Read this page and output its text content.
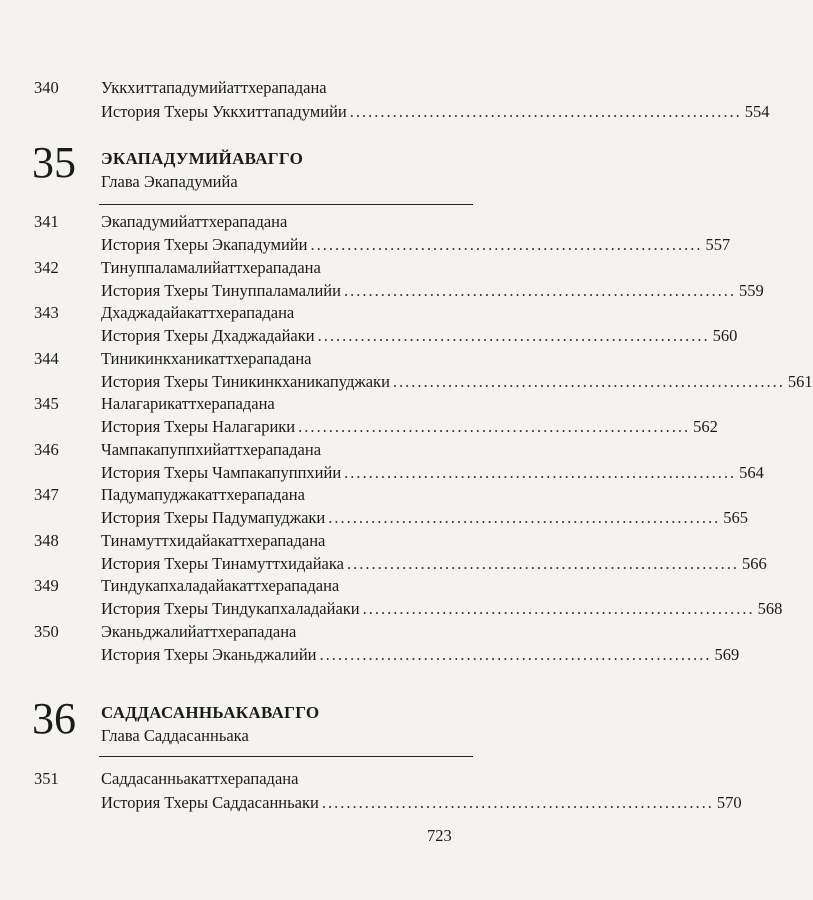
340	Уккхиттападумийаттхерападана
История Тхеры Уккхиттападумийи ................................................................ 554
35 ЭКАПАДУМИЙАВАГГО
Глава Экападумийа
341	Экападумийаттхерападана
История Тхеры Экападумийи ................................................................ 557
342	Тинуппаламалийаттхерападана
История Тхеры Тинуппаламалийи ................................................................ 559
343	Дхаджадайакаттхерападана
История Тхеры Дхаджадайаки ................................................................ 560
344	Тиникинкханикаттхерападана
История Тхеры Тиникинкханикапуджаки ................................................................ 561
345	Налагарикаттхерападана
История Тхеры Налагарики ................................................................ 562
346	Чампакапуппхийаттхерападана
История Тхеры Чампакапуппхийи ................................................................ 564
347	Падумапуджакаттхерападана
История Тхеры Падумапуджаки ................................................................ 565
348	Тинамуттхидайакаттхерападана
История Тхеры Тинамуттхидайака ................................................................ 566
349	Тиндукапхаладайакаттхерападана
История Тхеры Тиндукапхаладайаки ................................................................ 568
350	Эканьджалийаттхерападана
История Тхеры Эканьджалийи ................................................................ 569
36 САДДАСАННЬАКАВАГГО
Глава Саддасанньака
351	Саддасанньакаттхерападана
История Тхеры Саддасанньаки ................................................................ 570
723
